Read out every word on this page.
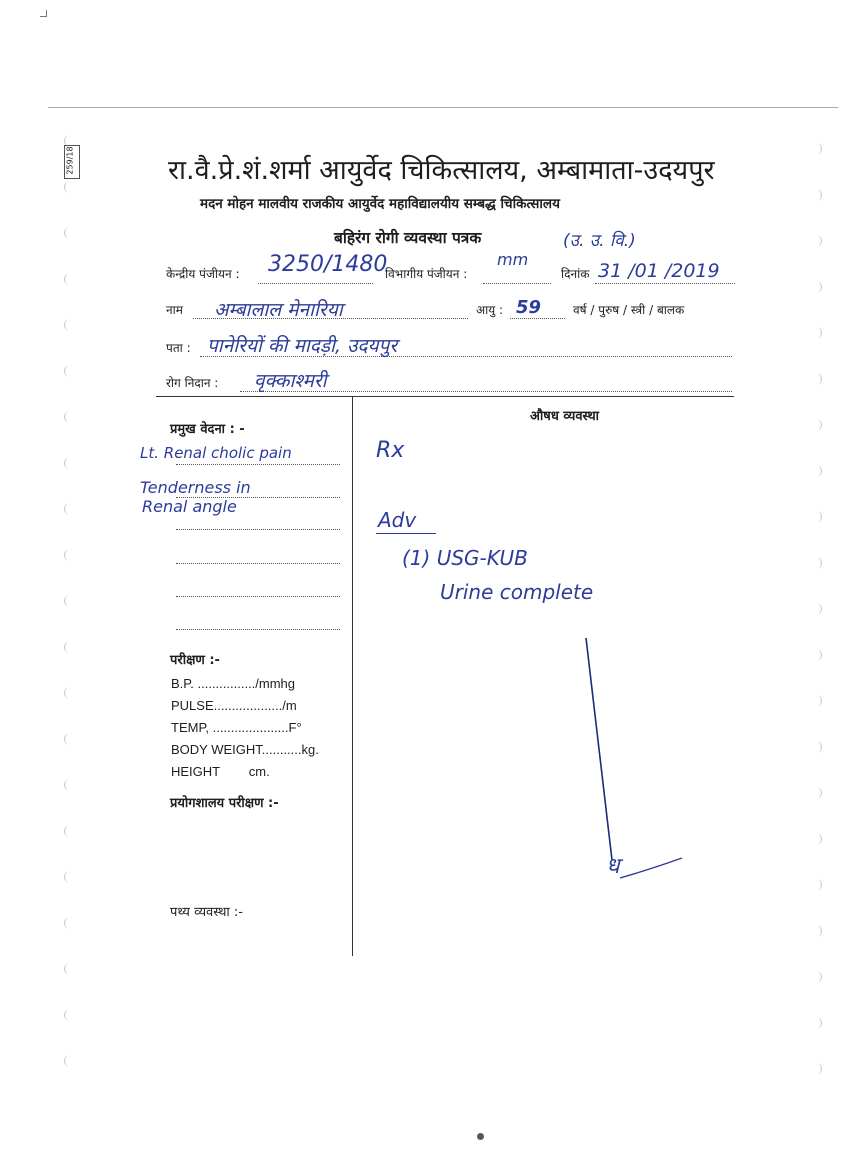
259/18	रा.वै.प्रे.शं.शर्मा आयुर्वेद चिकित्सालय, अम्बामाता-उदयपुर
मदन मोहन मालवीय राजकीय आयुर्वेद महाविद्यालयीय सम्बद्ध चिकित्सालय
बहिरंग रोगी व्यवस्था पत्रक	(उ. उ. वि.)
केन्द्रीय पंजीयन : 3250/1480
विभागीय पंजीयन :
mm
दिनांक 31 /01 /2019
नाम अम्बालाल मेनारिया	आयु : 59	वर्ष / पुरुष / स्त्री / बालक
पता : पानेरियों की मादड़ी, उदयपुर
रोग निदान : वृक्काश्मरी
प्रमुख वेदना : -
Lt. Renal cholic pain
Tenderness in
Renal angle
परीक्षण :-
B.P. ................/mmhg
PULSE.................../m
TEMP, .....................F°
BODY WEIGHT...........kg.
HEIGHT        cm.
प्रयोगशालय परीक्षण :-
पथ्य व्यवस्था :-
औषध व्यवस्था
Rx
Adv
(1) USG-KUB
Urine complete
ध
